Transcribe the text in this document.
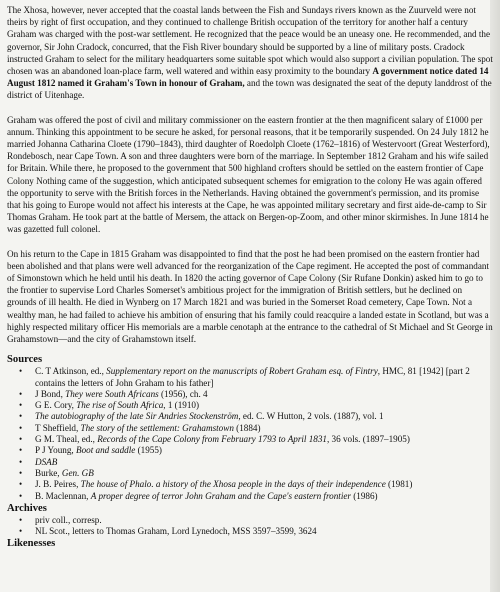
The Xhosa, however, never accepted that the coastal lands between the Fish and Sundays rivers known as the Zuurveld were not theirs by right of first occupation, and they continued to challenge British occupation of the territory for another half a century Graham was charged with the post-war settlement. He recognized that the peace would be an uneasy one. He recommended, and the governor, Sir John Cradock, concurred, that the Fish River boundary should be supported by a line of military posts. Cradock instructed Graham to select for the military headquarters some suitable spot which would also support a civilian population. The spot chosen was an abandoned loan-place farm, well watered and within easy proximity to the boundary A government notice dated 14 August 1812 named it Graham's Town in honour of Graham, and the town was designated the seat of the deputy landdrost of the district of Uitenhage.

Graham was offered the post of civil and military commissioner on the eastern frontier at the then magnificent salary of £1000 per annum. Thinking this appointment to be secure he asked, for personal reasons, that it be temporarily suspended. On 24 July 1812 he married Johanna Catharina Cloete (1790–1843), third daughter of Roedolph Cloete (1762–1816) of Westervoort (Great Westerford), Rondebosch, near Cape Town. A son and three daughters were born of the marriage. In September 1812 Graham and his wife sailed for Britain. While there, he proposed to the government that 500 highland crofters should be settled on the eastern frontier of Cape Colony Nothing came of the suggestion, which anticipated subsequent schemes for emigration to the colony He was again offered the opportunity to serve with the British forces in the Netherlands. Having obtained the government's permission, and its promise that his going to Europe would not affect his interests at the Cape, he was appointed military secretary and first aide-de-camp to Sir Thomas Graham. He took part at the battle of Mersem, the attack on Bergen-op-Zoom, and other minor skirmishes. In June 1814 he was gazetted full colonel.

On his return to the Cape in 1815 Graham was disappointed to find that the post he had been promised on the eastern frontier had been abolished and that plans were well advanced for the reorganization of the Cape regiment. He accepted the post of commandant of Simonstown which he held until his death. In 1820 the acting governor of Cape Colony (Sir Rufane Donkin) asked him to go to the frontier to supervise Lord Charles Somerset's ambitious project for the immigration of British settlers, but he declined on grounds of ill health. He died in Wynberg on 17 March 1821 and was buried in the Somerset Road cemetery, Cape Town. Not a wealthy man, he had failed to achieve his ambition of ensuring that his family could reacquire a landed estate in Scotland, but was a highly respected military officer His memorials are a marble cenotaph at the entrance to the cathedral of St Michael and St George in Grahamstown—and the city of Grahamstown itself.

Sources
• C. T Atkinson, ed., Supplementary report on the manuscripts of Robert Graham esq. of Fintry, HMC, 81 [1942] [part 2 contains the letters of John Graham to his father]
• J Bond, They were South Africans (1956), ch. 4
• G E. Cory, The rise of South Africa, 1 (1910)
• The autobiography of the late Sir Andries Stockenström, ed. C. W Hutton, 2 vols. (1887), vol. 1
• T Sheffield, The story of the settlement: Grahamstown (1884)
• G M. Theal, ed., Records of the Cape Colony from February 1793 to April 1831, 36 vols. (1897–1905)
• P J Young, Boot and saddle (1955)
• DSAB
• Burke, Gen. GB
• J. B. Peires, The house of Phalo. a history of the Xhosa people in the days of their independence (1981)
• B. Maclennan, A proper degree of terror John Graham and the Cape's eastern frontier (1986)
Archives
• priv coll., corresp.
• NL Scot., letters to Thomas Graham, Lord Lynedoch, MSS 3597–3599, 3624
Likenesses
